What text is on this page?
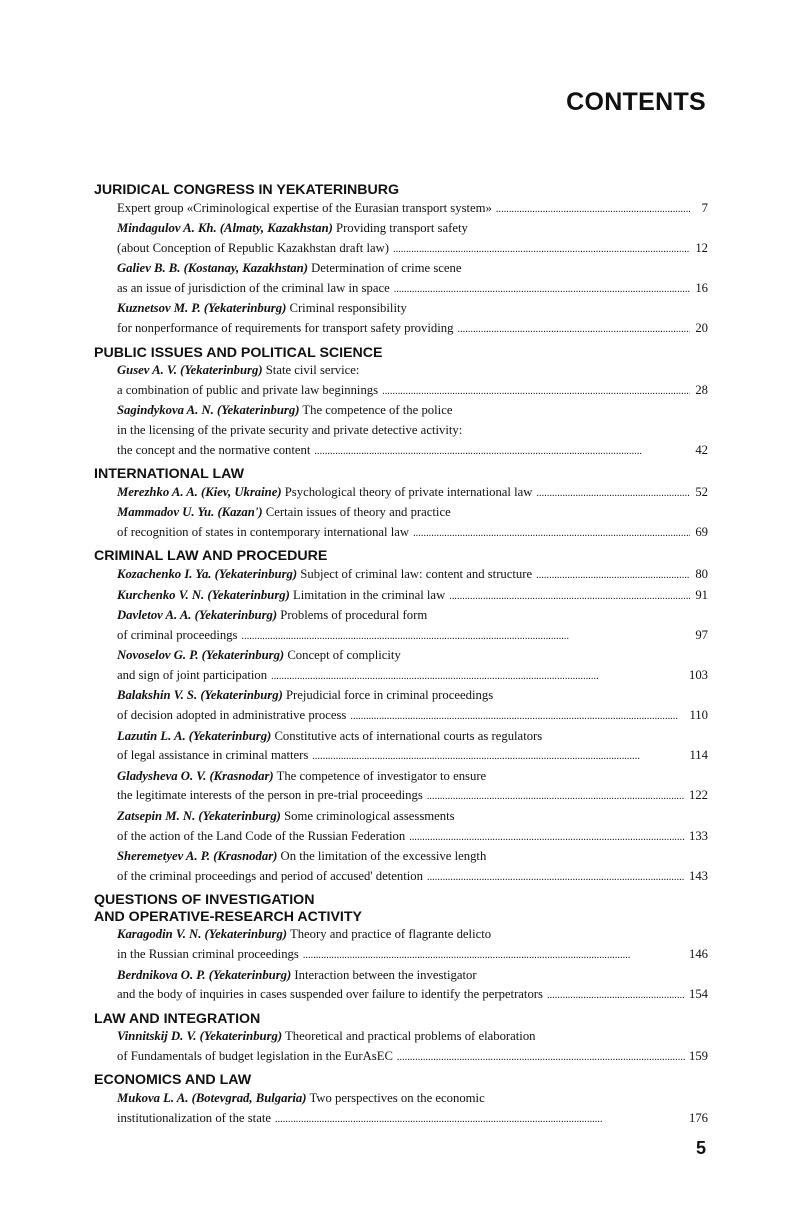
CONTENTS
JURIDICAL CONGRESS IN YEKATERINBURG
Expert group «Criminological expertise of the Eurasian transport system» . . .	7
Mindagulov A. Kh. (Almaty, Kazakhstan) Providing transport safety
(about Conception of Republic Kazakhstan draft law) . . .	12
Galiev B. B. (Kostanay, Kazakhstan) Determination of crime scene
as an issue of jurisdiction of the criminal law in space . . .	16
Kuznetsov M. P. (Yekaterinburg) Criminal responsibility
for nonperformance of requirements for transport safety providing . . .	20
PUBLIC ISSUES AND POLITICAL SCIENCE
Gusev A. V. (Yekaterinburg) State civil service:
a combination of public and private law beginnings . . .	28
Sagindykova A. N. (Yekaterinburg) The competence of the police
in the licensing of the private security and private detective activity:
the concept and the normative content . . .	42
INTERNATIONAL LAW
Merezhko A. A. (Kiev, Ukraine) Psychological theory of private international law . . .	52
Mammadov U. Yu. (Kazan') Certain issues of theory and practice
of recognition of states in contemporary international law . . .	69
CRIMINAL LAW AND PROCEDURE
Kozachenko I. Ya. (Yekaterinburg) Subject of criminal law: content and structure . . .	80
Kurchenko V. N. (Yekaterinburg) Limitation in the criminal law . . .	91
Davletov A. A. (Yekaterinburg) Problems of procedural form
of criminal proceedings . . .	97
Novoselov G. P. (Yekaterinburg) Concept of complicity
and sign of joint participation . . .	103
Balakshin V. S. (Yekaterinburg) Prejudicial force in criminal proceedings
of decision adopted in administrative process . . .	110
Lazutin L. A. (Yekaterinburg) Constitutive acts of international courts as regulators
of legal assistance in criminal matters . . .	114
Gladysheva O. V. (Krasnodar) The competence of investigator to ensure
the legitimate interests of the person in pre-trial proceedings . . .	122
Zatsepin M. N. (Yekaterinburg) Some criminological assessments
of the action of the Land Code of the Russian Federation . . .	133
Sheremetyev A. P. (Krasnodar) On the limitation of the excessive length
of the criminal proceedings and period of accused' detention . . .	143
QUESTIONS OF INVESTIGATION
AND OPERATIVE-RESEARCH ACTIVITY
Karagodin V. N. (Yekaterinburg) Theory and practice of flagrante delicto
in the Russian criminal proceedings . . .	146
Berdnikova O. P. (Yekaterinburg) Interaction between the investigator
and the body of inquiries in cases suspended over failure to identify the perpetrators . . .	154
LAW AND INTEGRATION
Vinnitskij D. V. (Yekaterinburg) Theoretical and practical problems of elaboration
of Fundamentals of budget legislation in the EurAsEC . . .	159
ECONOMICS AND LAW
Mukova L. A. (Botevgrad, Bulgaria) Two perspectives on the economic
institutionalization of the state . . .	176
5
